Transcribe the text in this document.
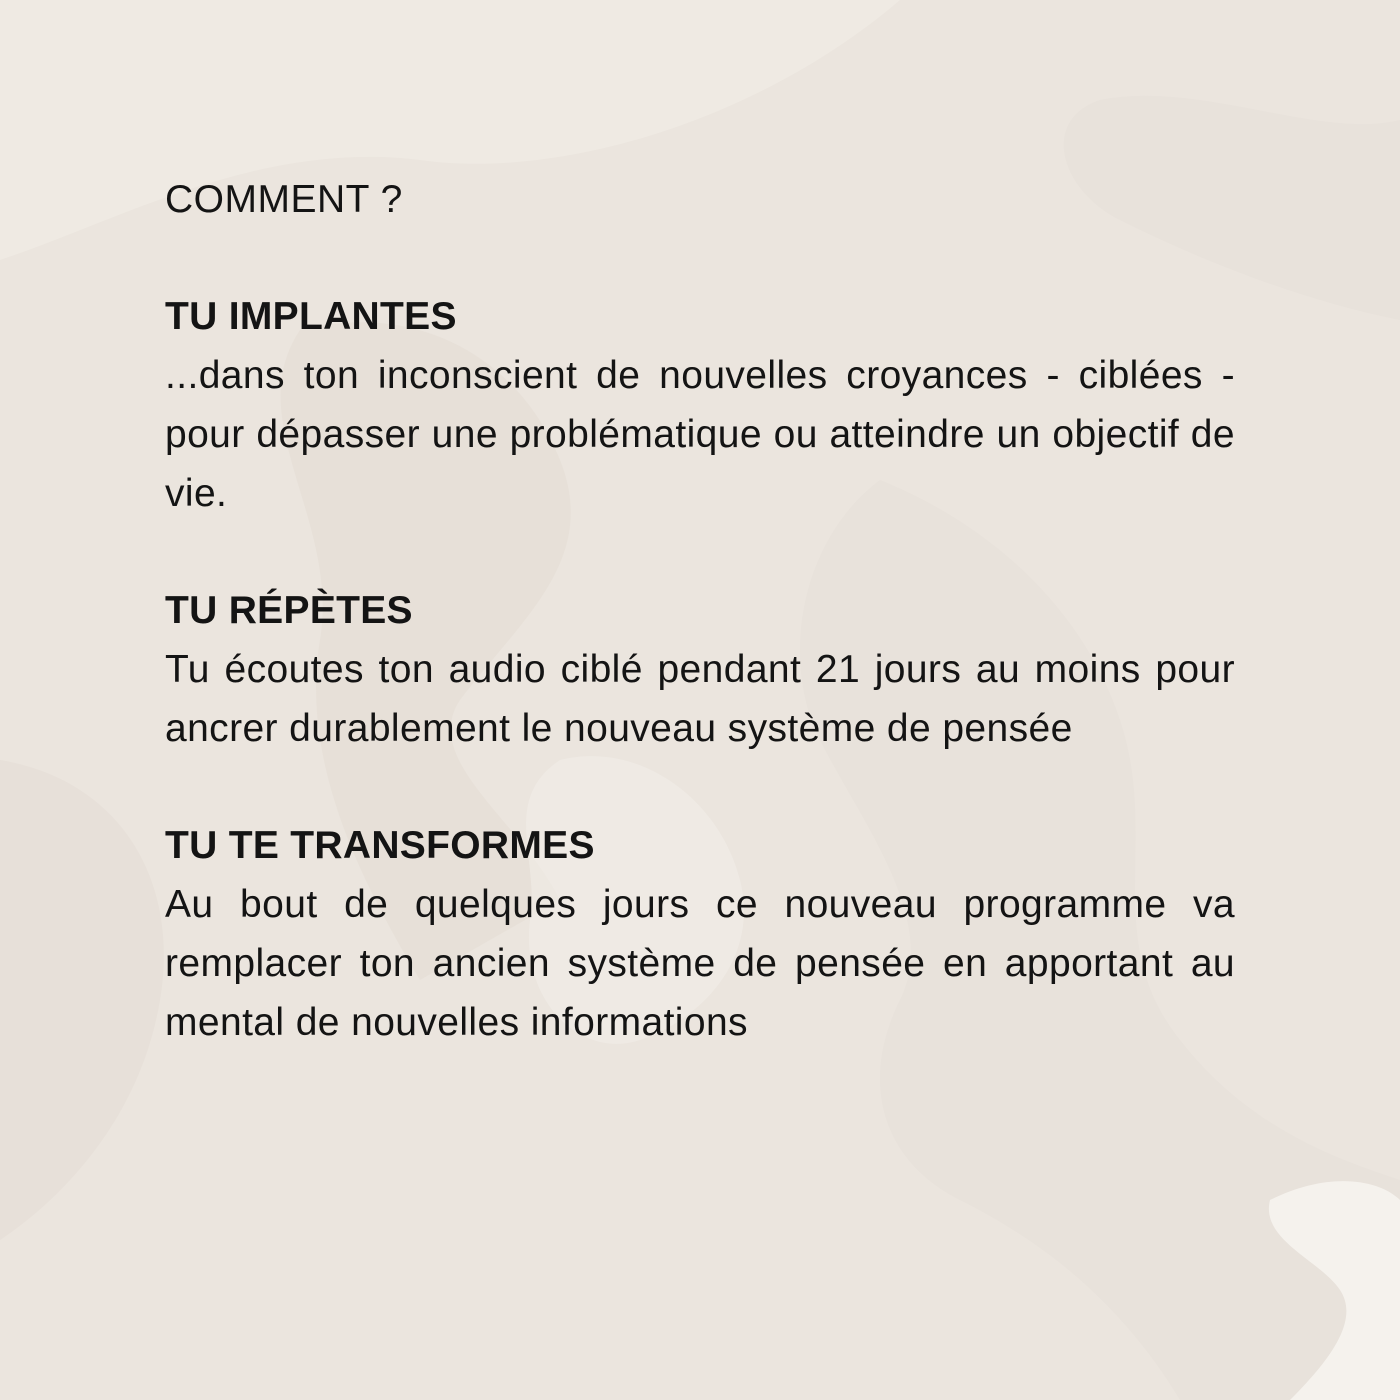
COMMENT ?

TU IMPLANTES

...dans ton inconscient de nouvelles croyances - ciblées - pour dépasser une problématique ou atteindre un objectif de vie.

TU RÉPÈTES

Tu écoutes ton audio ciblé pendant 21 jours au moins pour ancrer durablement le nouveau système de pensée

TU TE TRANSFORMES

Au bout de quelques jours ce nouveau programme va remplacer ton ancien système de pensée en apportant au mental de nouvelles informations
